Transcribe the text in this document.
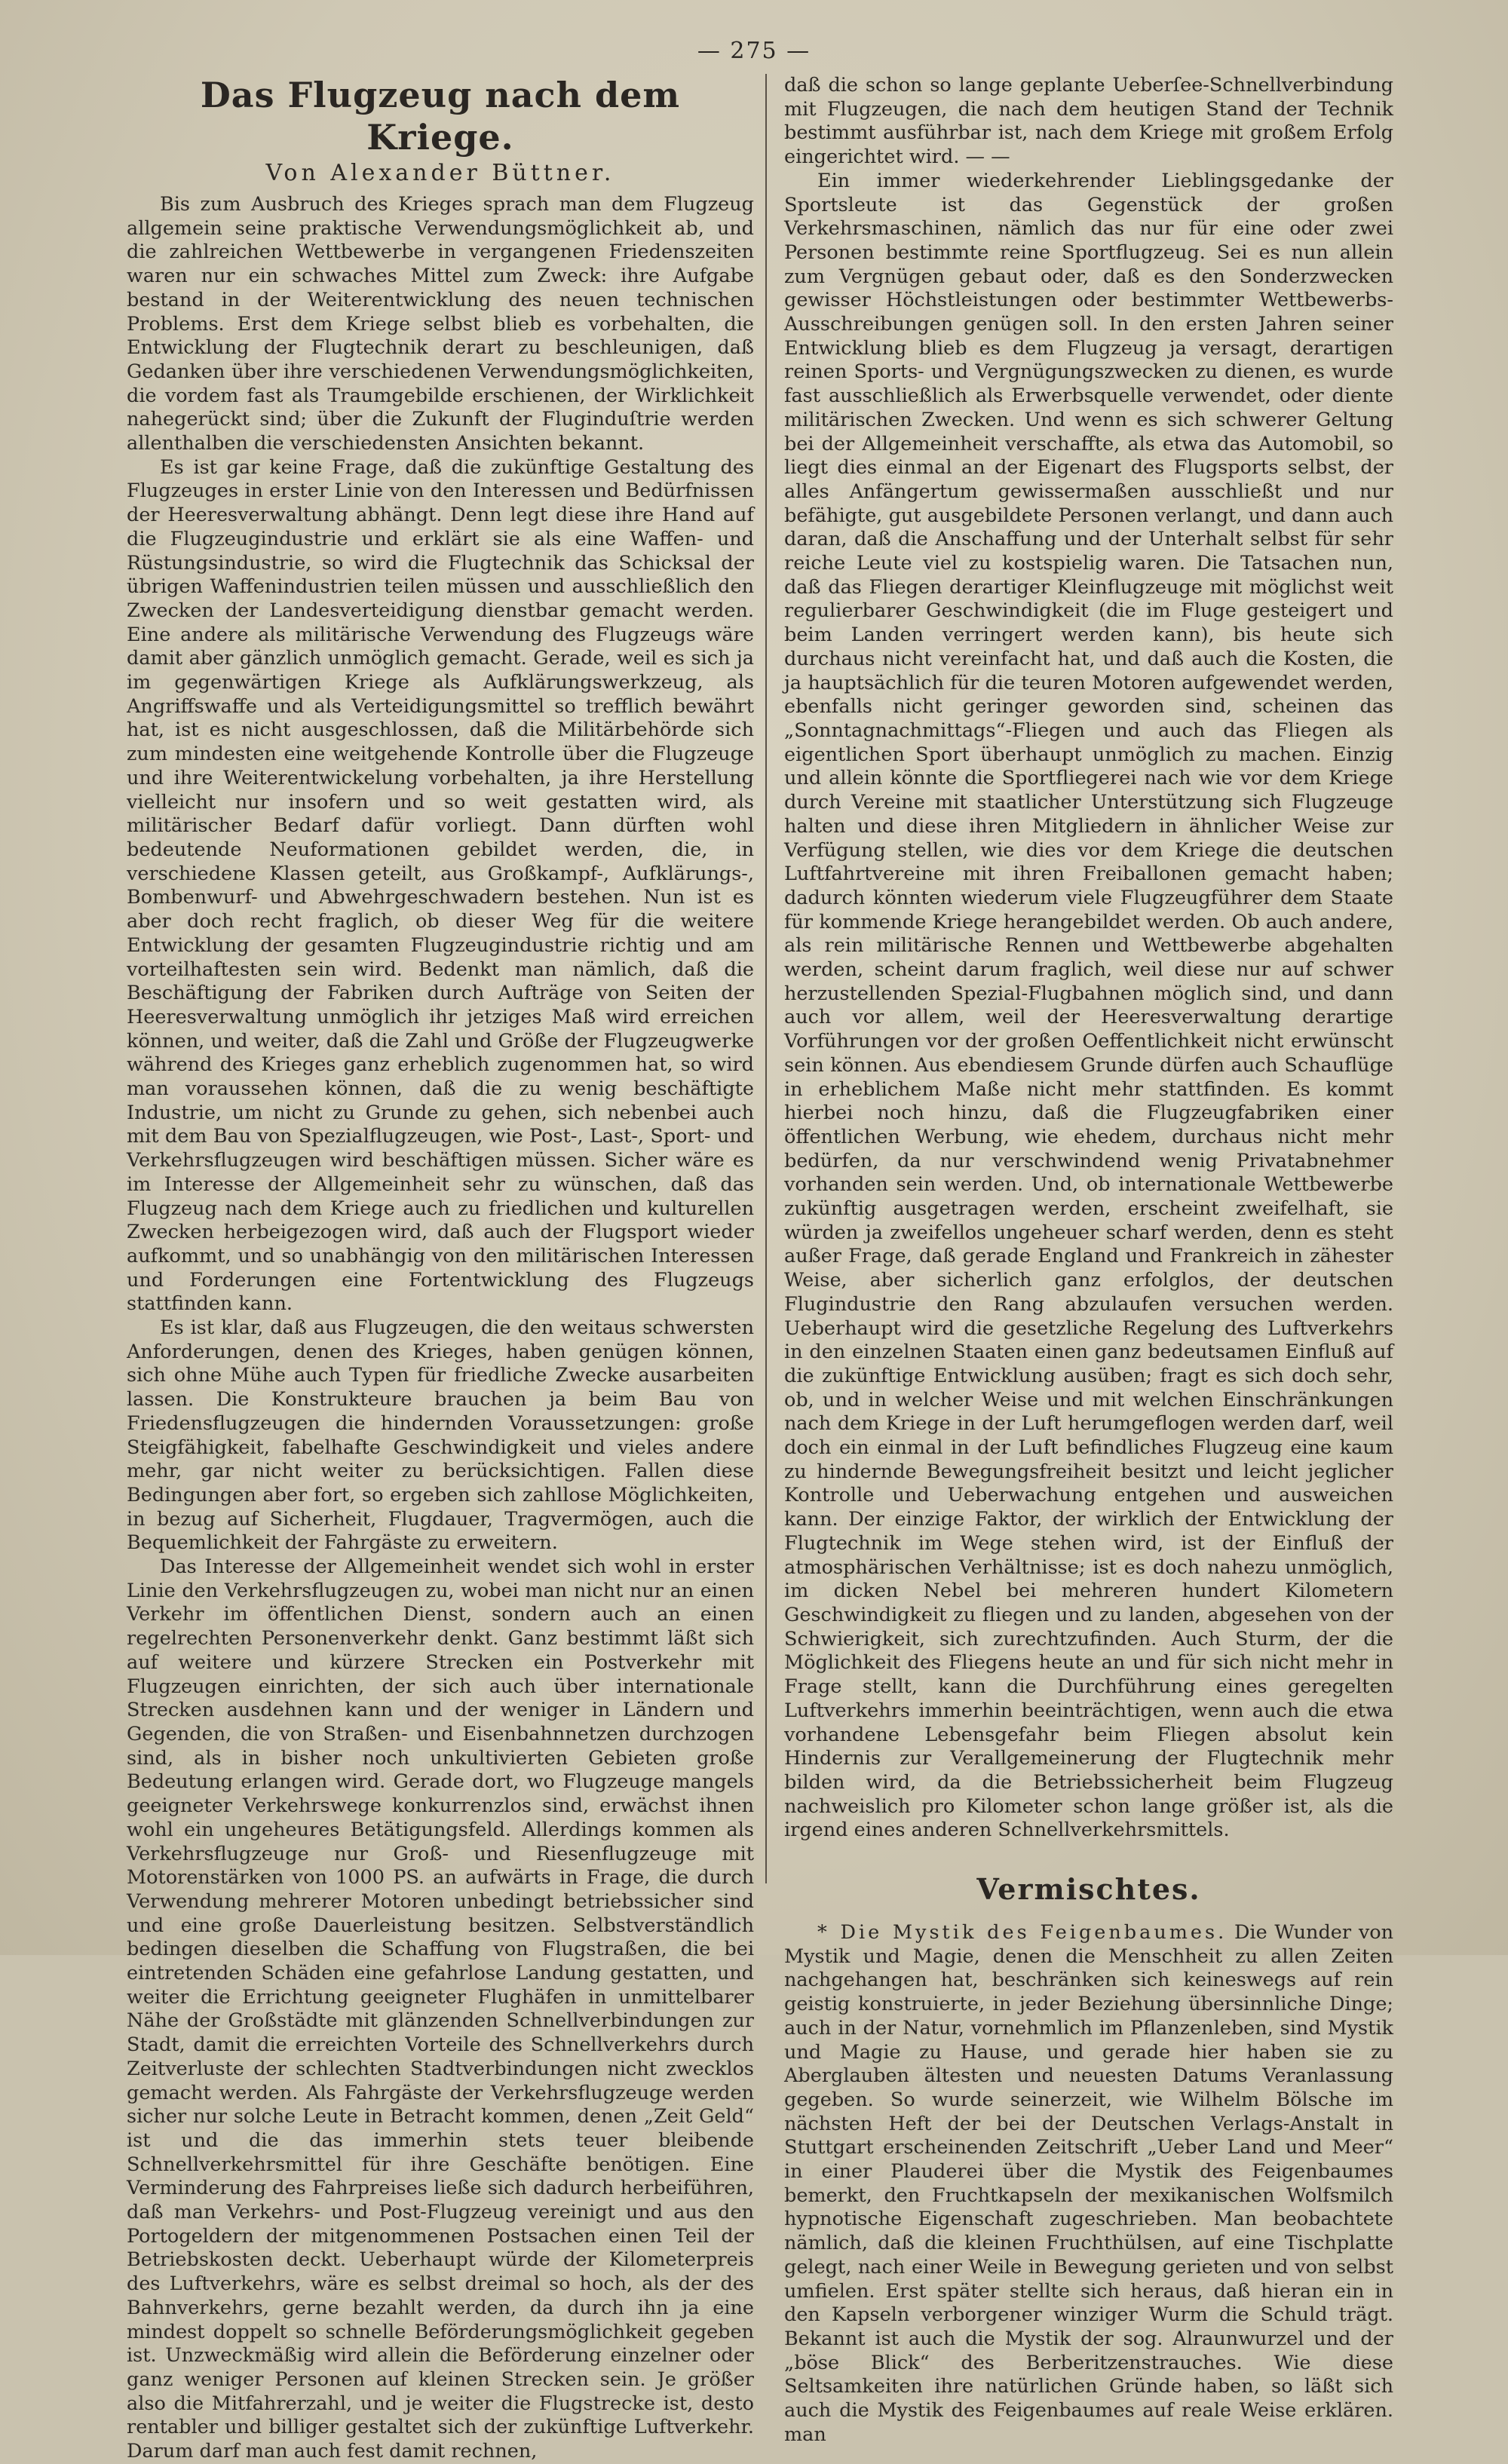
— 275 —
Das Flugzeug nach dem Kriege.
Von Alexander Büttner.

Bis zum Ausbruch des Krieges sprach man dem Flugzeug allgemein seine praktische Verwendungsmöglichkeit ab, und die zahlreichen Wettbewerbe in vergangenen Friedenszeiten waren nur ein schwaches Mittel zum Zweck: ihre Aufgabe bestand in der Weiterentwicklung des neuen technischen Problems. Erst dem Kriege selbst blieb es vorbehalten, die Entwicklung der Flugtechnik derart zu beschleunigen, daß Gedanken über ihre verschiedenen Verwendungsmöglichkeiten, die vordem fast als Traumgebilde erschienen, der Wirklichkeit nahegerückt sind; über die Zukunft der Fluginduſtrie werden allenthalben die verschiedensten Ansichten bekannt.

Es ist gar keine Frage, daß die zukünftige Gestaltung des Flugzeuges in erster Linie von den Interessen und Bedürfnissen der Heeresverwaltung abhängt. Denn legt diese ihre Hand auf die Flugzeugindustrie und erklärt sie als eine Waffen- und Rüstungsindustrie, so wird die Flugtechnik das Schicksal der übrigen Waffenindustrien teilen müssen und ausschließlich den Zwecken der Landesverteidigung dienstbar gemacht werden. Eine andere als militärische Verwendung des Flugzeugs wäre damit aber gänzlich unmöglich gemacht. Gerade, weil es sich ja im gegenwärtigen Kriege als Aufklärungswerkzeug, als Angriffswaffe und als Verteidigungsmittel so trefflich bewährt hat, ist es nicht ausgeschlossen, daß die Militärbehörde sich zum mindesten eine weitgehende Kontrolle über die Flugzeuge und ihre Weiterentwickelung vorbehalten, ja ihre Herstellung vielleicht nur insofern und so weit gestatten wird, als militärischer Bedarf dafür vorliegt. Dann dürften wohl bedeutende Neuformationen gebildet werden, die, in verschiedene Klassen geteilt, aus Großkampf-, Aufklärungs-, Bombenwurf- und Abwehrgeschwadern bestehen. Nun ist es aber doch recht fraglich, ob dieser Weg für die weitere Entwicklung der gesamten Flugzeugindustrie richtig und am vorteilhaftesten sein wird. Bedenkt man nämlich, daß die Beschäftigung der Fabriken durch Aufträge von Seiten der Heeresverwaltung unmöglich ihr jetziges Maß wird erreichen können, und weiter, daß die Zahl und Größe der Flugzeugwerke während des Krieges ganz erheblich zugenommen hat, so wird man voraussehen können, daß die zu wenig beschäftigte Industrie, um nicht zu Grunde zu gehen, sich nebenbei auch mit dem Bau von Spezialflugzeugen, wie Post-, Last-, Sport- und Verkehrsflugzeugen wird beschäftigen müssen. Sicher wäre es im Interesse der Allgemeinheit sehr zu wünschen, daß das Flugzeug nach dem Kriege auch zu friedlichen und kulturellen Zwecken herbeigezogen wird, daß auch der Flugsport wieder aufkommt, und so unabhängig von den militärischen Interessen und Forderungen eine Fortentwicklung des Flugzeugs stattfinden kann.

Es ist klar, daß aus Flugzeugen, die den weitaus schwersten Anforderungen, denen des Krieges, haben genügen können, sich ohne Mühe auch Typen für friedliche Zwecke ausarbeiten lassen. Die Konstrukteure brauchen ja beim Bau von Friedensflugzeugen die hindernden Voraussetzungen: große Steigfähigkeit, fabelhafte Geschwindigkeit und vieles andere mehr, gar nicht weiter zu berücksichtigen. Fallen diese Bedingungen aber fort, so ergeben sich zahllose Möglichkeiten, in bezug auf Sicherheit, Flugdauer, Tragvermögen, auch die Bequemlichkeit der Fahrgäste zu erweitern.

Das Interesse der Allgemeinheit wendet sich wohl in erster Linie den Verkehrsflugzeugen zu, wobei man nicht nur an einen Verkehr im öffentlichen Dienst, sondern auch an einen regelrechten Personenverkehr denkt. Ganz bestimmt läßt sich auf weitere und kürzere Strecken ein Postverkehr mit Flugzeugen einrichten, der sich auch über internationale Strecken ausdehnen kann und der weniger in Ländern und Gegenden, die von Straßen- und Eisenbahnnetzen durchzogen sind, als in bisher noch unkultivierten Gebieten große Bedeutung erlangen wird. Gerade dort, wo Flugzeuge mangels geeigneter Verkehrswege konkurrenzlos sind, erwächst ihnen wohl ein ungeheures Betätigungsfeld. Allerdings kommen als Verkehrsflugzeuge nur Groß- und Riesenflugzeuge mit Motorenstärken von 1000 PS. an aufwärts in Frage, die durch Verwendung mehrerer Motoren unbedingt betriebssicher sind und eine große Dauerleistung besitzen. Selbstverständlich bedingen dieselben die Schaffung von Flugstraßen, die bei eintretenden Schäden eine gefahrlose Landung gestatten, und weiter die Errichtung geeigneter Flughäfen in unmittelbarer Nähe der Großstädte mit glänzenden Schnellverbindungen zur Stadt, damit die erreichten Vorteile des Schnellverkehrs durch Zeitverluste der schlechten Stadtverbindungen nicht zwecklos gemacht werden. Als Fahrgäste der Verkehrsflugzeuge werden sicher nur solche Leute in Betracht kommen, denen „Zeit Geld“ ist und die das immerhin stets teuer bleibende Schnellverkehrsmittel für ihre Geschäfte benötigen. Eine Verminderung des Fahrpreises ließe sich dadurch herbeiführen, daß man Verkehrs- und Post-Flugzeug vereinigt und aus den Portogeldern der mitgenommenen Postsachen einen Teil der Betriebskosten deckt. Ueberhaupt würde der Kilometerpreis des Luftverkehrs, wäre es selbst dreimal so hoch, als der des Bahnverkehrs, gerne bezahlt werden, da durch ihn ja eine mindest doppelt so schnelle Beförderungsmöglichkeit gegeben ist. Unzweckmäßig wird allein die Beförderung einzelner oder ganz weniger Personen auf kleinen Strecken sein. Je größer also die Mitfahrerzahl, und je weiter die Flugstrecke ist, desto rentabler und billiger gestaltet sich der zukünftige Luftverkehr. Darum darf man auch fest damit rechnen,

daß die schon so lange geplante Ueberſee-Schnellverbindung mit Flugzeugen, die nach dem heutigen Stand der Technik bestimmt ausführbar ist, nach dem Kriege mit großem Erfolg eingerichtet wird. — —

Ein immer wiederkehrender Lieblingsgedanke der Sportsleute ist das Gegenstück der großen Verkehrsmaschinen, nämlich das nur für eine oder zwei Personen bestimmte reine Sportflugzeug. Sei es nun allein zum Vergnügen gebaut oder, daß es den Sonderzwecken gewisser Höchstleistungen oder bestimmter Wettbewerbs-Ausschreibungen genügen soll. In den ersten Jahren seiner Entwicklung blieb es dem Flugzeug ja versagt, derartigen reinen Sports- und Vergnügungszwecken zu dienen, es wurde fast ausschließlich als Erwerbsquelle verwendet, oder diente militärischen Zwecken. Und wenn es sich schwerer Geltung bei der Allgemeinheit verschaffte, als etwa das Automobil, so liegt dies einmal an der Eigenart des Flugsports selbst, der alles Anfängertum gewissermaßen ausschließt und nur befähigte, gut ausgebildete Personen verlangt, und dann auch daran, daß die Anschaffung und der Unterhalt selbst für sehr reiche Leute viel zu kostspielig waren. Die Tatsachen nun, daß das Fliegen derartiger Kleinflugzeuge mit möglichst weit regulierbarer Geschwindigkeit (die im Fluge gesteigert und beim Landen verringert werden kann), bis heute sich durchaus nicht vereinfacht hat, und daß auch die Kosten, die ja hauptsächlich für die teuren Motoren aufgewendet werden, ebenfalls nicht geringer geworden sind, scheinen das „Sonntagnachmittags“-Fliegen und auch das Fliegen als eigentlichen Sport überhaupt unmöglich zu machen. Einzig und allein könnte die Sportfliegerei nach wie vor dem Kriege durch Vereine mit staatlicher Unterstützung sich Flugzeuge halten und diese ihren Mitgliedern in ähnlicher Weise zur Verfügung stellen, wie dies vor dem Kriege die deutschen Luftfahrtvereine mit ihren Freiballonen gemacht haben; dadurch könnten wiederum viele Flugzeugführer dem Staate für kommende Kriege herangebildet werden. Ob auch andere, als rein militärische Rennen und Wettbewerbe abgehalten werden, scheint darum fraglich, weil diese nur auf schwer herzustellenden Spezial-Flugbahnen möglich sind, und dann auch vor allem, weil der Heeresverwaltung derartige Vorführungen vor der großen Oeffentlichkeit nicht erwünscht sein können. Aus ebendiesem Grunde dürfen auch Schauflüge in erheblichem Maße nicht mehr stattfinden. Es kommt hierbei noch hinzu, daß die Flugzeugfabriken einer öffentlichen Werbung, wie ehedem, durchaus nicht mehr bedürfen, da nur verschwindend wenig Privatabnehmer vorhanden sein werden. Und, ob internationale Wettbewerbe zukünftig ausgetragen werden, erscheint zweifelhaft, sie würden ja zweifellos ungeheuer scharf werden, denn es steht außer Frage, daß gerade England und Frankreich in zähester Weise, aber sicherlich ganz erfolglos, der deutschen Flugindustrie den Rang abzulaufen versuchen werden. Ueberhaupt wird die gesetzliche Regelung des Luftverkehrs in den einzelnen Staaten einen ganz bedeutsamen Einfluß auf die zukünftige Entwicklung ausüben; fragt es sich doch sehr, ob, und in welcher Weise und mit welchen Einschränkungen nach dem Kriege in der Luft herumgeflogen werden darf, weil doch ein einmal in der Luft befindliches Flugzeug eine kaum zu hindernde Bewegungsfreiheit besitzt und leicht jeglicher Kontrolle und Ueberwachung entgehen und ausweichen kann. Der einzige Faktor, der wirklich der Entwicklung der Flugtechnik im Wege stehen wird, ist der Einfluß der atmosphärischen Verhältnisse; ist es doch nahezu unmöglich, im dicken Nebel bei mehreren hundert Kilometern Geschwindigkeit zu fliegen und zu landen, abgesehen von der Schwierigkeit, sich zurechtzufinden. Auch Sturm, der die Möglichkeit des Fliegens heute an und für sich nicht mehr in Frage stellt, kann die Durchführung eines geregelten Luftverkehrs immerhin beeinträchtigen, wenn auch die etwa vorhandene Lebensgefahr beim Fliegen absolut kein Hindernis zur Verallgemeinerung der Flugtechnik mehr bilden wird, da die Betriebssicherheit beim Flugzeug nachweislich pro Kilometer schon lange größer ist, als die irgend eines anderen Schnellverkehrsmittels.

Vermischtes.

* Die Mystik des Feigenbaumes. Die Wunder von Mystik und Magie, denen die Menschheit zu allen Zeiten nachgehangen hat, beschränken sich keineswegs auf rein geistig konstruierte, in jeder Beziehung übersinnliche Dinge; auch in der Natur, vornehmlich im Pflanzenleben, sind Mystik und Magie zu Hause, und gerade hier haben sie zu Aberglauben ältesten und neuesten Datums Veranlassung gegeben. So wurde seinerzeit, wie Wilhelm Bölsche im nächsten Heft der bei der Deutschen Verlags-Anstalt in Stuttgart erscheinenden Zeitschrift „Ueber Land und Meer“ in einer Plauderei über die Mystik des Feigenbaumes bemerkt, den Fruchtkapseln der mexikanischen Wolfsmilch hypnotische Eigenschaft zugeschrieben. Man beobachtete nämlich, daß die kleinen Fruchthülsen, auf eine Tischplatte gelegt, nach einer Weile in Bewegung gerieten und von selbst umfielen. Erst später stellte sich heraus, daß hieran ein in den Kapseln verborgener winziger Wurm die Schuld trägt. Bekannt ist auch die Mystik der sog. Alraunwurzel und der „böse Blick“ des Berberitzenstrauches. Wie diese Seltsamkeiten ihre natürlichen Gründe haben, so läßt sich auch die Mystik des Feigenbaumes auf reale Weise erklären. man
